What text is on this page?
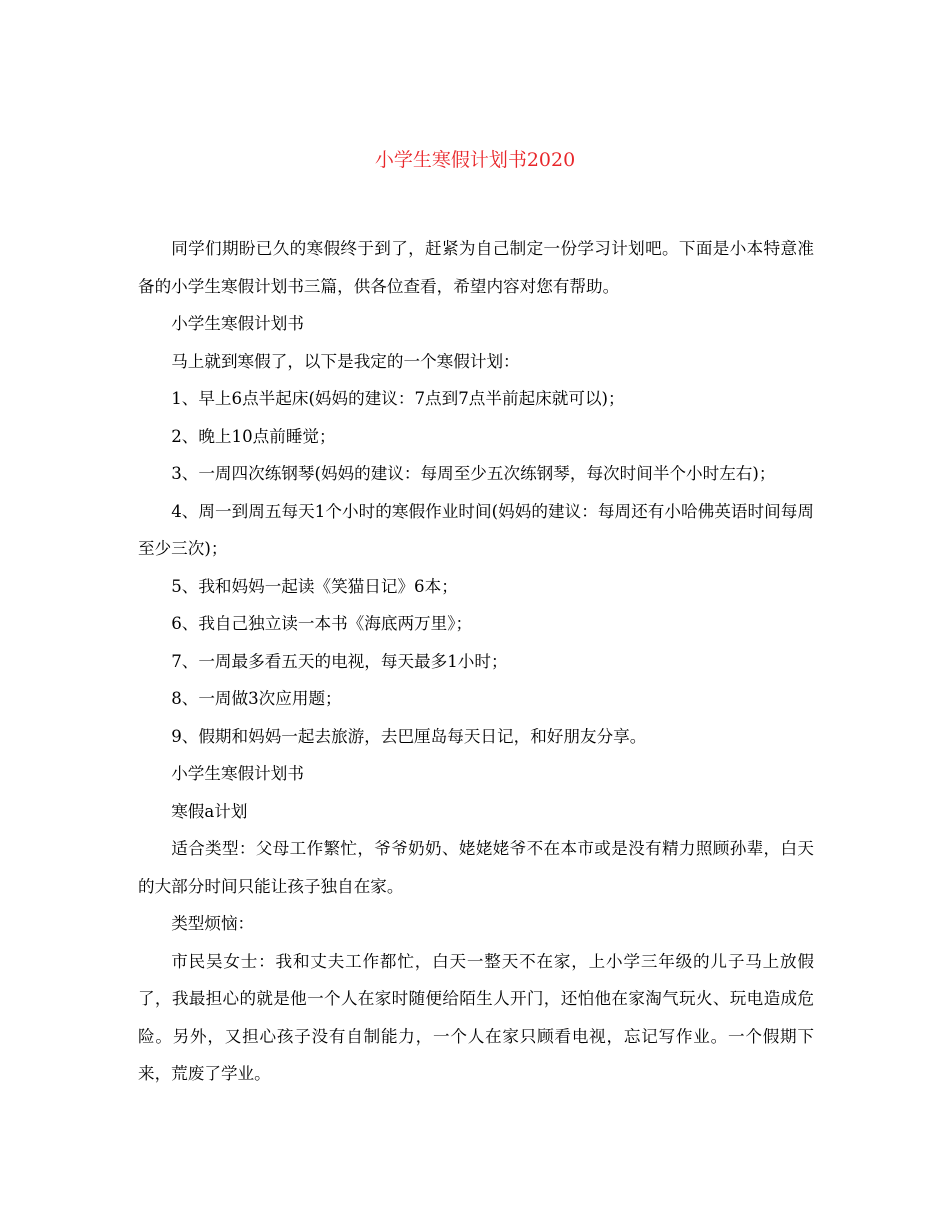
小学生寒假计划书2020

同学们期盼已久的寒假终于到了，赶紧为自己制定一份学习计划吧。下面是小本特意准备的小学生寒假计划书三篇，供各位查看，希望内容对您有帮助。

小学生寒假计划书

马上就到寒假了，以下是我定的一个寒假计划：

1、早上6点半起床(妈妈的建议：7点到7点半前起床就可以)；

2、晚上10点前睡觉；

3、一周四次练钢琴(妈妈的建议：每周至少五次练钢琴，每次时间半个小时左右)；

4、周一到周五每天1个小时的寒假作业时间(妈妈的建议：每周还有小哈佛英语时间每周至少三次)；

5、我和妈妈一起读《笑猫日记》6本；

6、我自己独立读一本书《海底两万里》；

7、一周最多看五天的电视，每天最多1小时；

8、一周做3次应用题；

9、假期和妈妈一起去旅游，去巴厘岛每天日记，和好朋友分享。

小学生寒假计划书

寒假a计划

适合类型：父母工作繁忙，爷爷奶奶、姥姥姥爷不在本市或是没有精力照顾孙辈，白天的大部分时间只能让孩子独自在家。

类型烦恼：

市民吴女士：我和丈夫工作都忙，白天一整天不在家，上小学三年级的儿子马上放假了，我最担心的就是他一个人在家时随便给陌生人开门，还怕他在家淘气玩火、玩电造成危险。另外，又担心孩子没有自制能力，一个人在家只顾看电视，忘记写作业。一个假期下来，荒废了学业。
